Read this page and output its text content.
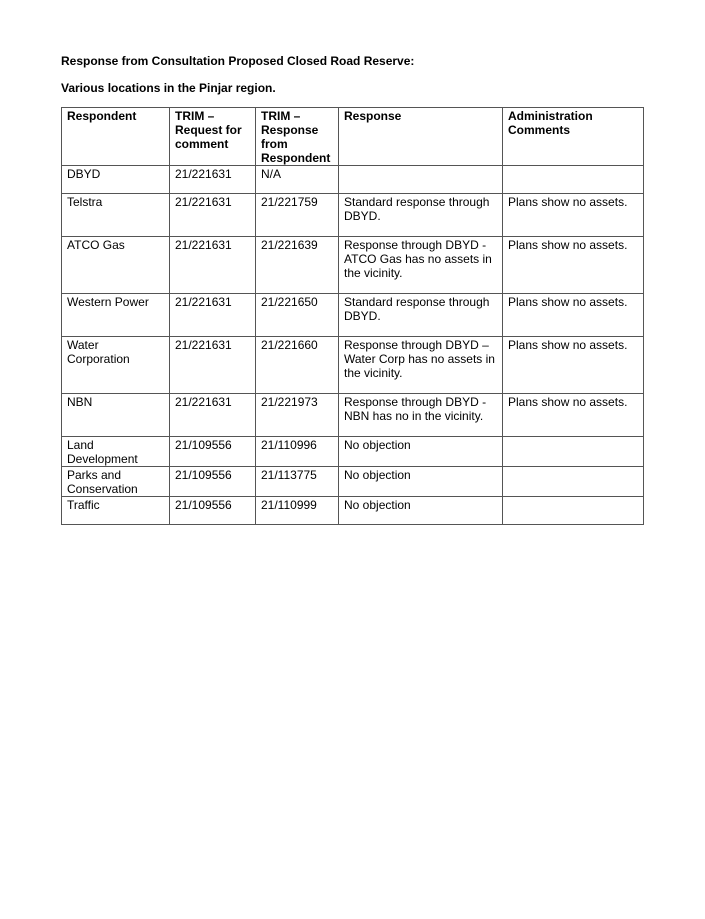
Response from Consultation Proposed Closed Road Reserve:
Various locations in the Pinjar region.
Respondent	TRIM – Request for comment	TRIM – Response from Respondent	Response	Administration Comments
DBYD	21/221631	N/A		
Telstra	21/221631	21/221759	Standard response through DBYD.	Plans show no assets.
ATCO Gas	21/221631	21/221639	Response through DBYD - ATCO Gas has no assets in the vicinity.	Plans show no assets.
Western Power	21/221631	21/221650	Standard response through DBYD.	Plans show no assets.
Water Corporation	21/221631	21/221660	Response through DBYD – Water Corp has no assets in the vicinity.	Plans show no assets.
NBN	21/221631	21/221973	Response through DBYD - NBN has no in the vicinity.	Plans show no assets.
Land Development	21/109556	21/110996	No objection	
Parks and Conservation	21/109556	21/113775	No objection	
Traffic	21/109556	21/110999	No objection	
